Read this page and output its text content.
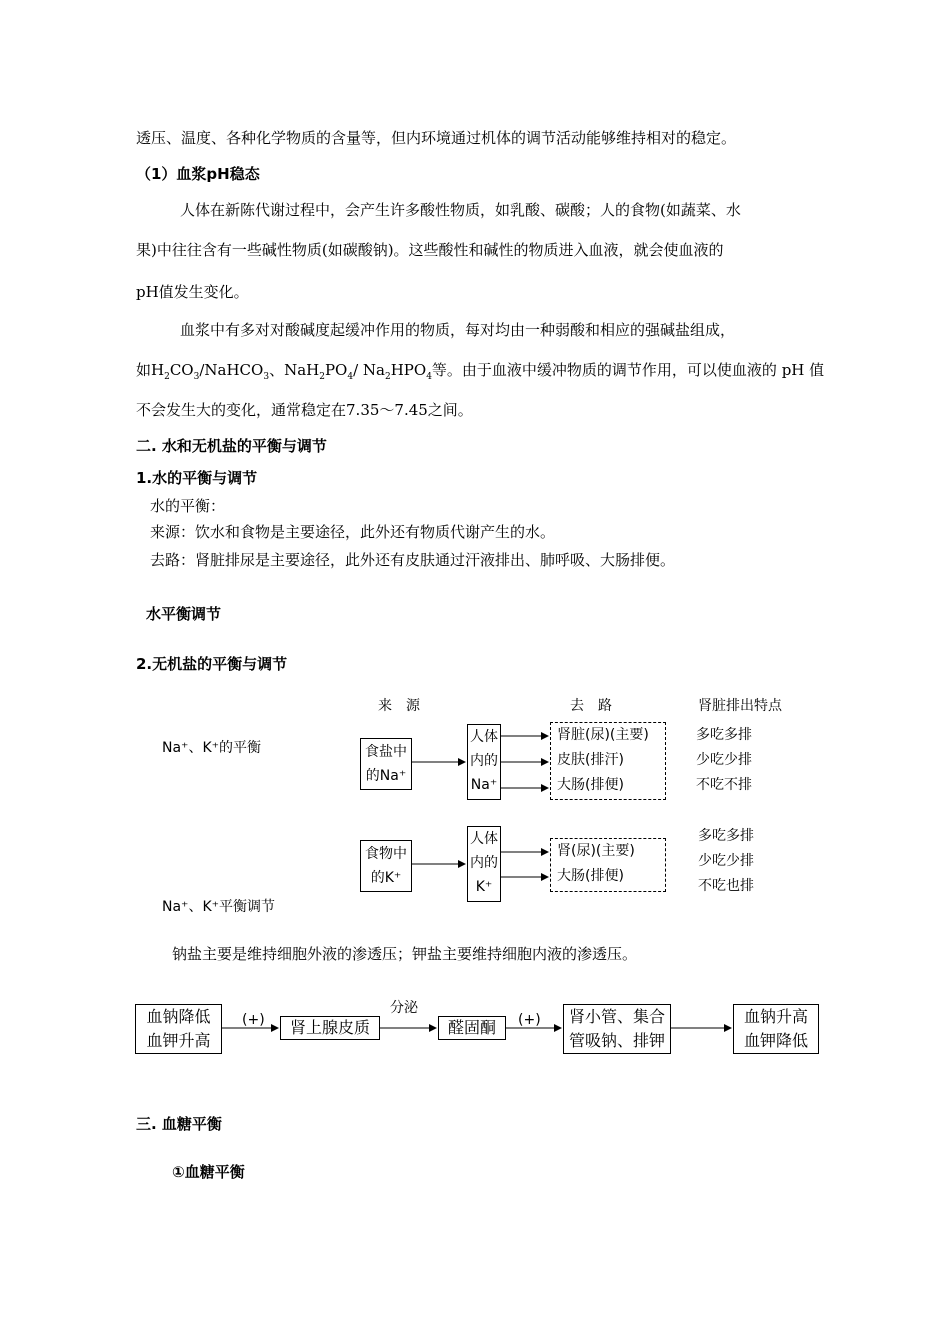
透压、温度、各种化学物质的含量等，但内环境通过机体的调节活动能够维持相对的稳定。
（1）血浆pH稳态
人体在新陈代谢过程中，会产生许多酸性物质，如乳酸、碳酸；人的食物(如蔬菜、水
果)中往往含有一些碱性物质(如碳酸钠)。这些酸性和碱性的物质进入血液，就会使血液的
pH值发生变化。
血浆中有多对对酸碱度起缓冲作用的物质，每对均由一种弱酸和相应的强碱盐组成，
如$H_2CO_3/NaHCO_3$、$NaH_2PO_4/$ $Na_2HPO_4$等。由于血液中缓冲物质的调节作用，可以使血液的 pH 值
不会发生大的变化，通常稳定在7.35～7.45之间。
二. 水和无机盐的平衡与调节
1.水的平衡与调节
水的平衡：
来源：饮水和食物是主要途径，此外还有物质代谢产生的水。
去路：肾脏排尿是主要途径，此外还有皮肤通过汗液排出、肺呼吸、大肠排便。
水平衡调节
2.无机盐的平衡与调节
来　源	去　路	肾脏排出特点
Na⁺、K⁺的平衡	食盐中
的Na⁺
人体
内的
Na⁺
肾脏(尿)(主要)
皮肤(排汗)
大肠(排便)
多吃多排
少吃少排
不吃不排
食物中
的K⁺
人体
内的
K⁺
肾(尿)(主要)
大肠(排便)
多吃多排
少吃少排
不吃也排
Na⁺、K⁺平衡调节
钠盐主要是维持细胞外液的渗透压；钾盐主要维持细胞内液的渗透压。
血钠降低
血钾升高
(+)	肾上腺皮质
分泌
醛固酮	(+)	肾小管、集合
管吸钠、排钾
血钠升高
血钾降低
三. 血糖平衡
①血糖平衡
